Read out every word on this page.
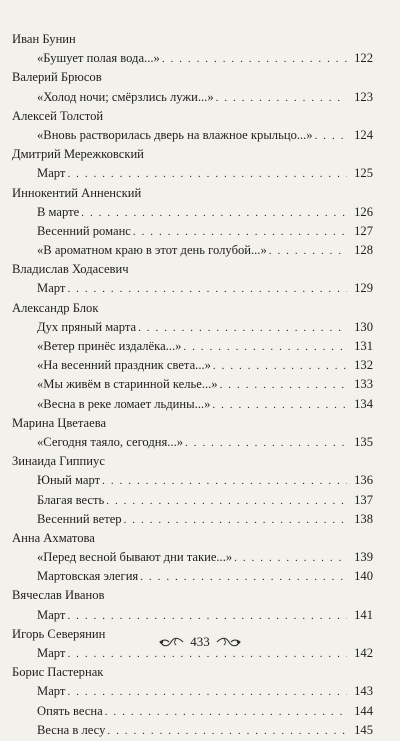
Иван Бунин
«Бушует полая вода...» . . .	122
Валерий Брюсов
«Холод ночи; смёрзлись лужи...» . . .	123
Алексей Толстой
«Вновь растворилась дверь на влажное крыльцо...» . . .	124
Дмитрий Мережковский
Март . . .	125
Иннокентий Анненский
В марте . . .	126
Весенний романс . . .	127
«В ароматном краю в этот день голубой...» . . .	128
Владислав Ходасевич
Март . . .	129
Александр Блок
Дух пряный марта . . .	130
«Ветер принёс издалёка...» . . .	131
«На весенний праздник света...» . . .	132
«Мы живём в старинной келье...» . . .	133
«Весна в реке ломает льдины...» . . .	134
Марина Цветаева
«Сегодня таяло, сегодня...» . . .	135
Зинаида Гиппиус
Юный март . . .	136
Благая весть . . .	137
Весенний ветер . . .	138
Анна Ахматова
«Перед весной бывают дни такие...» . . .	139
Мартовская элегия . . .	140
Вячеслав Иванов
Март . . .	141
Игорь Северянин
Март . . .	142
Борис Пастернак
Март . . .	143
Опять весна . . .	144
Весна в лесу . . .	145
433
